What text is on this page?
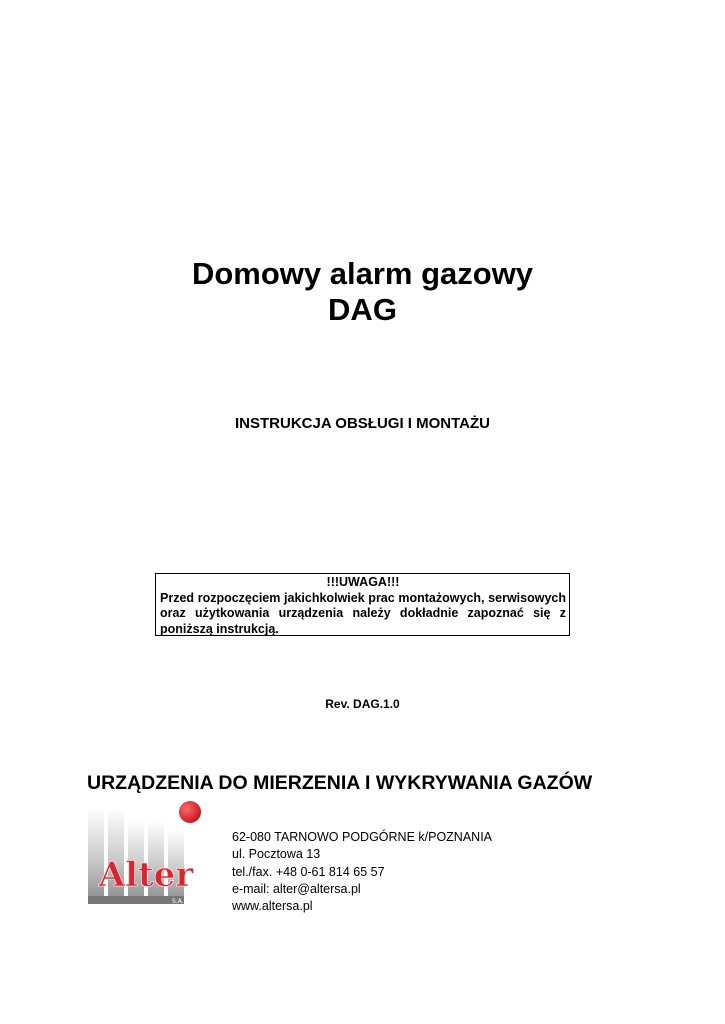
Domowy alarm gazowy
DAG
INSTRUKCJA OBSŁUGI I MONTAŻU
!!!UWAGA!!!
Przed rozpoczęciem jakichkolwiek prac montażowych, serwisowych oraz użytkowania urządzenia należy dokładnie zapoznać się z poniższą instrukcją.
Rev. DAG.1.0
URZĄDZENIA DO MIERZENIA I WYKRYWANIA GAZÓW
Alter
S.A.
62-080 TARNOWO PODGÓRNE k/POZNANIA
ul. Pocztowa 13
tel./fax. +48 0-61 814 65 57
e-mail: alter@altersa.pl
www.altersa.pl
